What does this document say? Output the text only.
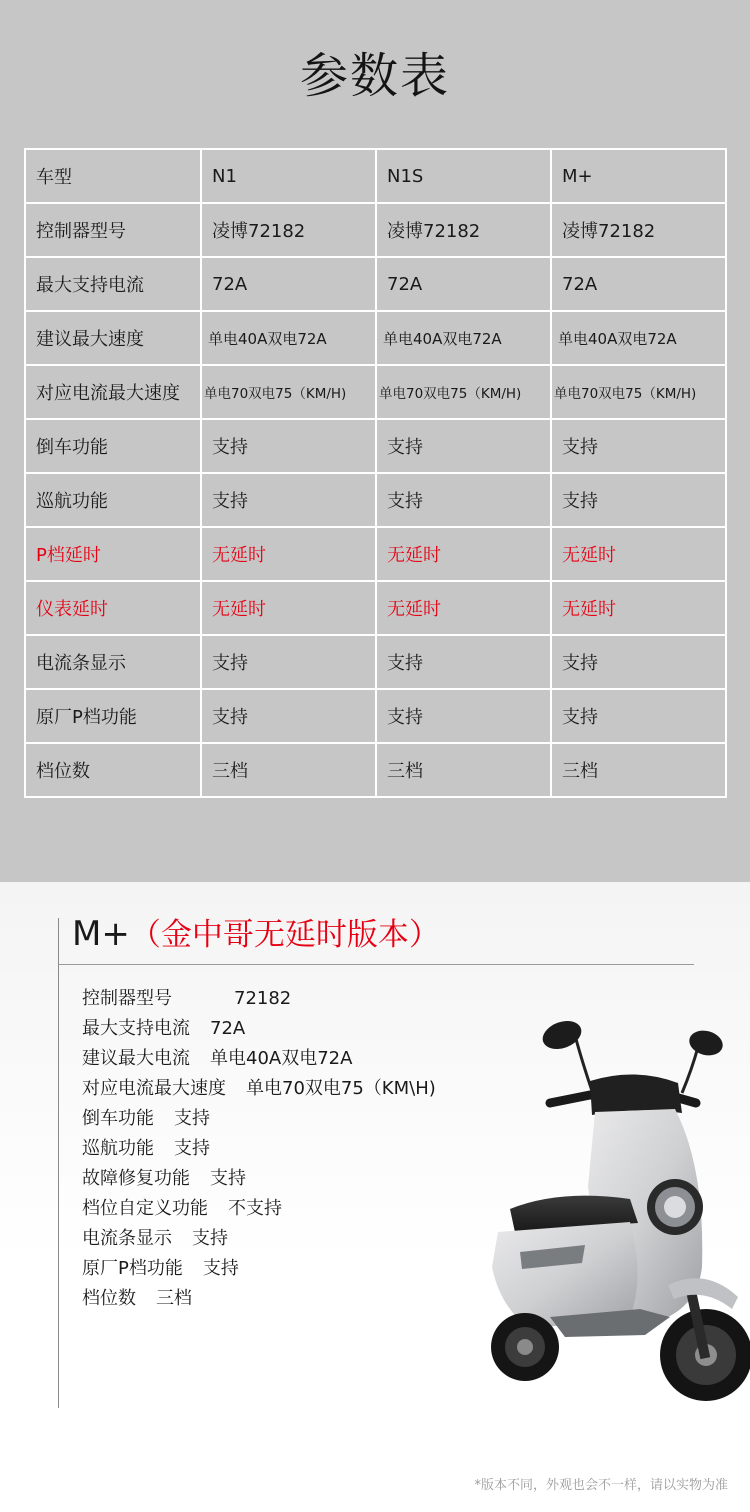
参数表
车型	N1	N1S	M+
控制器型号	凌博72182	凌博72182	凌博72182
最大支持电流	72A	72A	72A
建议最大速度	单电40A双电72A	单电40A双电72A	单电40A双电72A
对应电流最大速度	单电70双电75（KM/H)	单电70双电75（KM/H)	单电70双电75（KM/H)
倒车功能	支持	支持	支持
巡航功能	支持	支持	支持
P档延时	无延时	无延时	无延时
仪表延时	无延时	无延时	无延时
电流条显示	支持	支持	支持
原厂P档功能	支持	支持	支持
档位数	三档	三档	三档
M+（金中哥无延时版本）
控制器型号	72182
最大支持电流 72A
建议最大电流 单电40A双电72A
对应电流最大速度 单电70双电75（KM\H)
倒车功能 支持
巡航功能 支持
故障修复功能 支持
档位自定义功能 不支持
电流条显示 支持
原厂P档功能 支持
档位数 三档
*版本不同，外观也会不一样，请以实物为准
